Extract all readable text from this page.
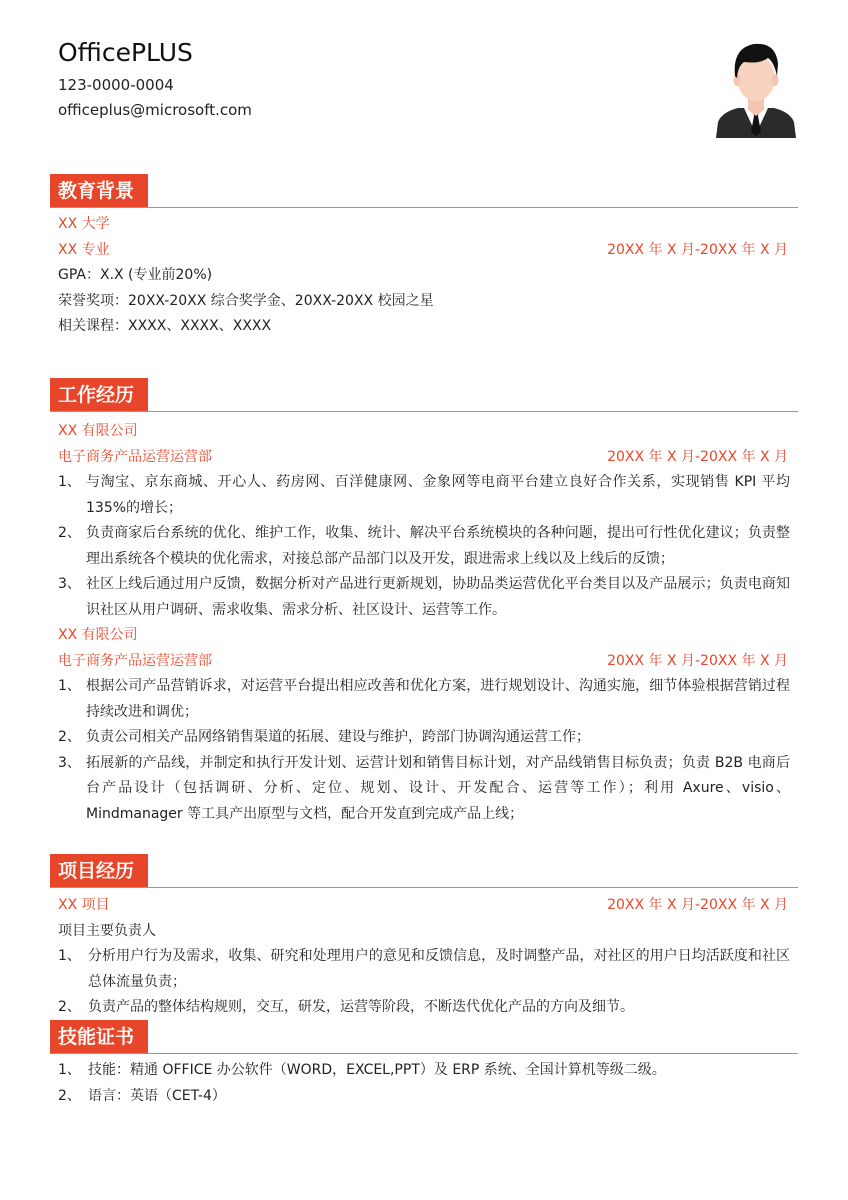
OfficePLUS
123-0000-0004
officeplus@microsoft.com
教育背景
XX 大学
XX 专业	20XX 年 X 月-20XX 年 X 月
GPA：X.X (专业前20%)
荣誉奖项：20XX-20XX 综合奖学金、20XX-20XX 校园之星
相关课程：XXXX、XXXX、XXXX
工作经历
XX 有限公司
电子商务产品运营运营部	20XX 年 X 月-20XX 年 X 月
1、 与淘宝、京东商城、开心人、药房网、百洋健康网、金象网等电商平台建立良好合作关系，实现销售 KPI 平均 135%的增长；
2、 负责商家后台系统的优化、维护工作，收集、统计、解决平台系统模块的各种问题，提出可行性优化建议；负责整理出系统各个模块的优化需求，对接总部产品部门以及开发，跟进需求上线以及上线后的反馈；
3、 社区上线后通过用户反馈，数据分析对产品进行更新规划，协助品类运营优化平台类目以及产品展示；负责电商知识社区从用户调研、需求收集、需求分析、社区设计、运营等工作。
XX 有限公司
电子商务产品运营运营部	20XX 年 X 月-20XX 年 X 月
1、 根据公司产品营销诉求，对运营平台提出相应改善和优化方案，进行规划设计、沟通实施，细节体验根据营销过程持续改进和调优；
2、 负责公司相关产品网络销售渠道的拓展、建设与维护，跨部门协调沟通运营工作；
3、 拓展新的产品线，并制定和执行开发计划、运营计划和销售目标计划，对产品线销售目标负责；负责 B2B 电商后台产品设计（包括调研、分析、定位、规划、设计、开发配合、运营等工作）；利用 Axure、visio、Mindmanager 等工具产出原型与文档，配合开发直到完成产品上线；
项目经历
XX 项目	20XX 年 X 月-20XX 年 X 月
项目主要负责人
1、 分析用户行为及需求，收集、研究和处理用户的意见和反馈信息，及时调整产品，对社区的用户日均活跃度和社区总体流量负责；
2、 负责产品的整体结构规则，交互，研发，运营等阶段，不断迭代优化产品的方向及细节。
技能证书
1、 技能：精通 OFFICE 办公软件（WORD，EXCEL,PPT）及 ERP 系统、全国计算机等级二级。
2、 语言：英语（CET-4）
